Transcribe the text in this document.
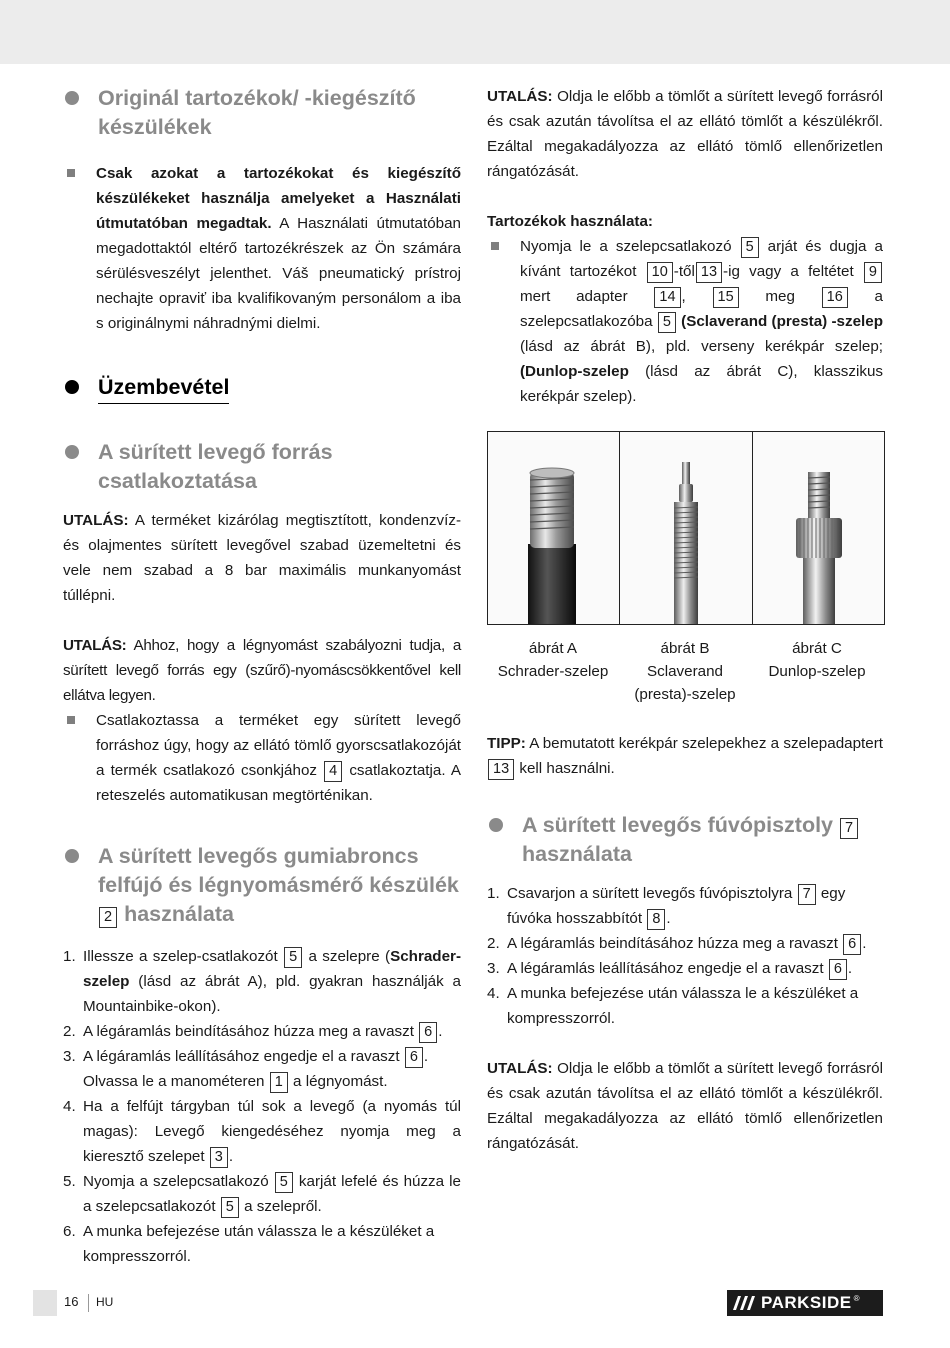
Originál tartozékok/ -kiegészítő készülékek
Csak azokat a tartozékokat és kiegészítő készülékeket használja amelyeket a Használati útmutatóban megadtak. A Használati útmutatóban megadottaktól eltérő tartozékrészek az Ön számára sérülésveszélyt jelenthet. Váš pneumatický prístroj nechajte opraviť iba kvalifikovaným personálom a iba s originálnymi náhradnými dielmi.
Üzembevétel
A sürített levegő forrás csatlakoztatása

UTALÁS: A terméket kizárólag megtisztított, kondenzvíz-és olajmentes sürített levegővel szabad üzemeltetni és vele nem szabad a 8 bar maximális munkanyomást túllépni.

UTALÁS: Ahhoz, hogy a légnyomást szabályozni tudja, a sürített levegő forrás egy (szűrő)-nyomáscsökkentővel kell ellátva legyen.

Csatlakoztassa a terméket egy sürített levegő forráshoz úgy, hogy az ellátó tömlő gyorscsatlakozóját a termék csatlakozó csonkjához 4 csatlakoztatja. A reteszelés automatikusan megtörténikan.
A sürített levegős gumiabroncs felfújó és légnyomásmérő készülék 2 használata
1. Illessze a szelep-csatlakozót 5 a szelepre (Schrader-szelep (lásd az ábrát A), pld. gyakran használják a Mountainbike-okon).
2. A légáramlás beindításához húzza meg a ravaszt 6 .
3. A légáramlás leállításához engedje el a ravaszt 6 . Olvassa le a manométeren 1 a légnyomást.
4. Ha a felfújt tárgyban túl sok a levegő (a nyomás túl magas): Levegő kiengedéséhez nyomja meg a kieresztő szelepet 3 .
5. Nyomja a szelepcsatlakozó 5 karját lefelé és húzza le a szelepcsatlakozót 5 a szelepről.
6. A munka befejezése után válassza le a készüléket a kompresszorról.

UTALÁS: Oldja le előbb a tömlőt a sürített levegő forrásról és csak azután távolítsa el az ellátó tömlőt a készülékről. Ezáltal megakadályozza az ellátó tömlő ellenőrizetlen rángatózását.

Tartozékok használata:

Nyomja le a szelepcsatlakozó 5 arját és dugja a kívánt tartozékot 10 -től 13 -ig vagy a feltétet 9 mert adapter 14 , 15 meg 16 a szelepcsatlakozóba 5 (Sclaverand (presta) -szelep (lásd az ábrát B), pld. verseny kerékpár szelep; (Dunlop-szelep (lásd az ábrát C), klasszikus kerékpár szelep).
ábrát A
Schrader-szelep
ábrát B
Sclaverand
(presta)-szelep
ábrát C
Dunlop-szelep

TIPP: A bemutatott kerékpár szelepekhez a szelepadaptert 13 kell használni.

A sürített levegős fúvópisztoly 7
használata
1. Csavarjon a sürített levegős fúvópisztolyra 7 egy fúvóka hosszabbítót 8 .
2. A légáramlás beindításához húzza meg a ravaszt 6 .
3. A légáramlás leállításához engedje el a ravaszt 6 .
4. A munka befejezése után válassza le a készüléket a kompresszorról.

UTALÁS: Oldja le előbb a tömlőt a sürített levegő forrásról és csak azután távolítsa el az ellátó tömlőt a készülékről. Ezáltal megakadályozza az ellátó tömlő ellenőrizetlen rángatózását.

16 HU	PARKSIDE ®
